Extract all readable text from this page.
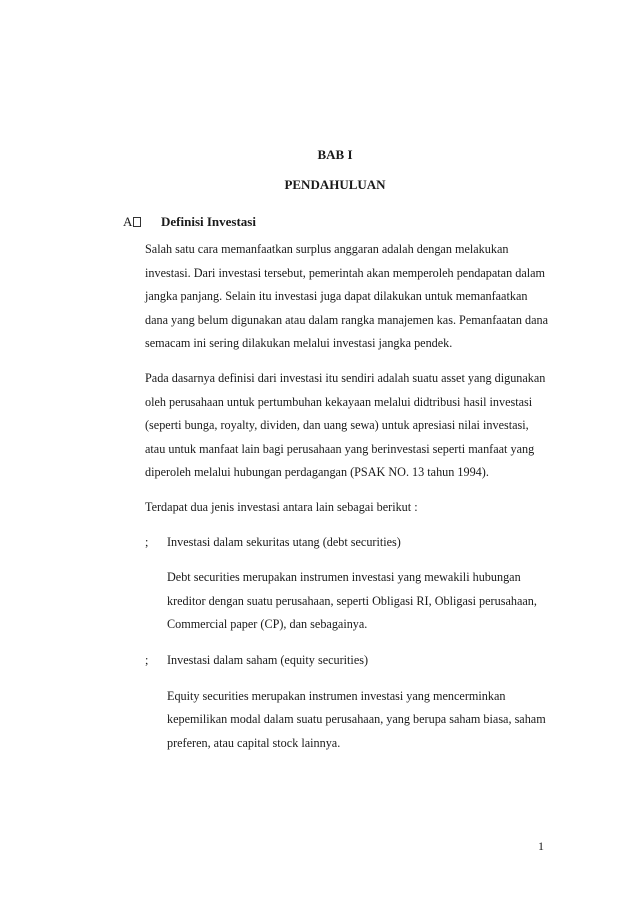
BAB I
PENDAHULUAN
A	Definisi Investasi

Salah satu cara memanfaatkan surplus anggaran adalah dengan melakukan investasi. Dari investasi tersebut, pemerintah akan memperoleh pendapatan dalam jangka panjang. Selain itu investasi juga dapat dilakukan untuk memanfaatkan dana yang belum digunakan atau dalam rangka manajemen kas. Pemanfaatan dana semacam ini sering dilakukan melalui investasi jangka pendek.

Pada dasarnya definisi dari investasi itu sendiri adalah suatu asset yang digunakan oleh perusahaan untuk pertumbuhan kekayaan melalui didtribusi hasil investasi (seperti bunga, royalty, dividen, dan uang sewa) untuk apresiasi nilai investasi, atau untuk manfaat lain bagi perusahaan yang berinvestasi seperti manfaat yang diperoleh melalui hubungan perdagangan (PSAK NO. 13 tahun 1994).

Terdapat dua jenis investasi antara lain sebagai berikut :

;	Investasi dalam sekuritas utang (debt securities)

Debt securities merupakan instrumen investasi yang mewakili hubungan kreditor dengan suatu perusahaan, seperti Obligasi RI, Obligasi perusahaan, Commercial paper (CP), dan sebagainya.

;	Investasi dalam saham (equity securities)

Equity securities merupakan instrumen investasi yang mencerminkan kepemilikan modal dalam suatu perusahaan, yang berupa saham biasa, saham preferen, atau capital stock lainnya.

1
